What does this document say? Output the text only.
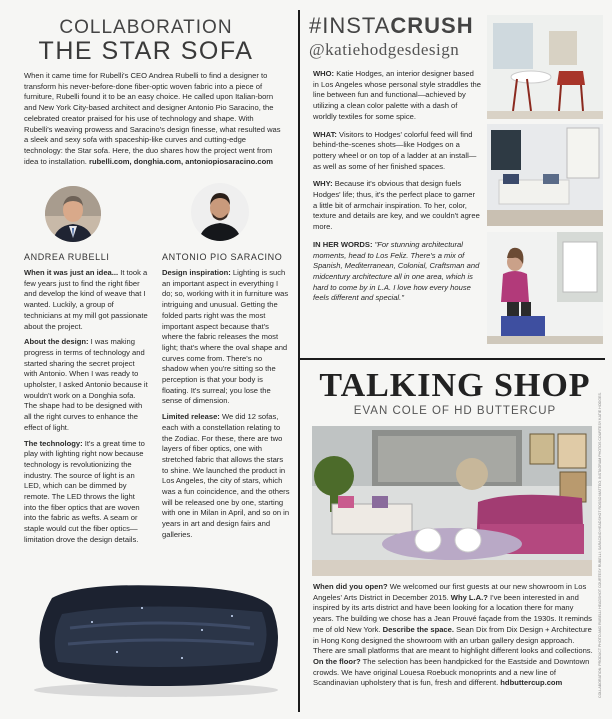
COLLABORATION
THE STAR SOFA
When it came time for Rubelli's CEO Andrea Rubelli to find a designer to transform his never-before-done fiber-optic woven fabric into a piece of furniture, Rubelli found it to be an easy choice. He called upon Italian-born and New York City-based architect and designer Antonio Pio Saracino, the celebrated creator praised for his use of technology and shape. With Rubelli's weaving prowess and Saracino's design finesse, what resulted was a sleek and sexy sofa with spaceship-like curves and cutting-edge technology: the Star sofa. Here, the duo shares how the project went from idea to installation. rubelli.com, donghia.com, antoniopiosaracino.com
ANDREA RUBELLI	ANTONIO PIO SARACINO

When it was just an idea... It took a few years just to find the right fiber and develop the kind of weave that I wanted. Luckily, a group of technicians at my mill got passionate about the project.

About the design: I was making progress in terms of technology and started sharing the secret project with Antonio. When I was ready to upholster, I asked Antonio because it wouldn't work on a Donghia sofa. The shape had to be designed with all the right curves to enhance the effect of light.

The technology: It's a great time to play with lighting right now because technology is revolutionizing the industry. The source of light is an LED, which can be dimmed by remote. The LED throws the light into the fiber optics that are woven into the fabric as wefts. A seam or staple would cut the fiber optics—limitation drove the design details.

Design inspiration: Lighting is such an important aspect in everything I do; so, working with it in furniture was intriguing and unusual. Getting the folded parts right was the most important aspect because that's where the fabric releases the most light; that's where the oval shape and curves come from. There's no shadow when you're sitting so the perception is that your body is floating. It's surreal; you lose the sense of dimension.

Limited release: We did 12 sofas, each with a constellation relating to the Zodiac. For these, there are two layers of fiber optics, one with stretched fabric that allows the stars to shine. We launched the product in Los Angeles, the city of stars, which was a fun coincidence, and the others will be released one by one, starting with one in Milan in April, and so on in years in art and design fairs and galleries.

#INSTACRUSH
@katiehodgesdesign

WHO: Katie Hodges, an interior designer based in Los Angeles whose personal style straddles the line between fun and functional—achieved by utilizing a clean color palette with a dash of worldly textiles for some spice.

WHAT: Visitors to Hodges' colorful feed will find behind-the-scenes shots—like Hodges on a pottery wheel or on top of a ladder at an install—as well as some of her finished spaces.

WHY: Because it's obvious that design fuels Hodges' life; thus, it's the perfect place to garner a little bit of armchair inspiration. To her, color, texture and details are key, and we couldn't agree more.

IN HER WORDS: "For stunning architectural moments, head to Los Feliz. There's a mix of Spanish, Mediterranean, Colonial, Craftsman and midcentury architecture all in one area, which is hard to come by in L.A. I love how every house feels different and special."

TALKING SHOP
EVAN COLE OF HD BUTTERCUP
When did you open? We welcomed our first guests at our new showroom in Los Angeles' Arts District in December 2015. Why L.A.? I've been interested in and inspired by its arts district and have been looking for a location there for many years. The building we chose has a Jean Prouvé façade from the 1930s. It reminds me of old New York. Describe the space. Sean Dix from Dix Design + Architecture in Hong Kong designed the showroom with an urban gallery design approach. There are small platforms that are meant to highlight different looks and collections. On the floor? The selection has been handpicked for the Eastside and Downtown crowds. We have original Louesa Roebuck monoprints and a new line of Scandinavian upholstery that is fun, fresh and different. hdbuttercup.com	COLLABORATION: PRODUCT PHOTO AND RUBELLI HEADSHOT COURTESY RUBELLI; SARACINO HEADSHOT ROSSO MATTEO; INSTAGRAM PHOTOS COURTESY KATIE HODGES.
